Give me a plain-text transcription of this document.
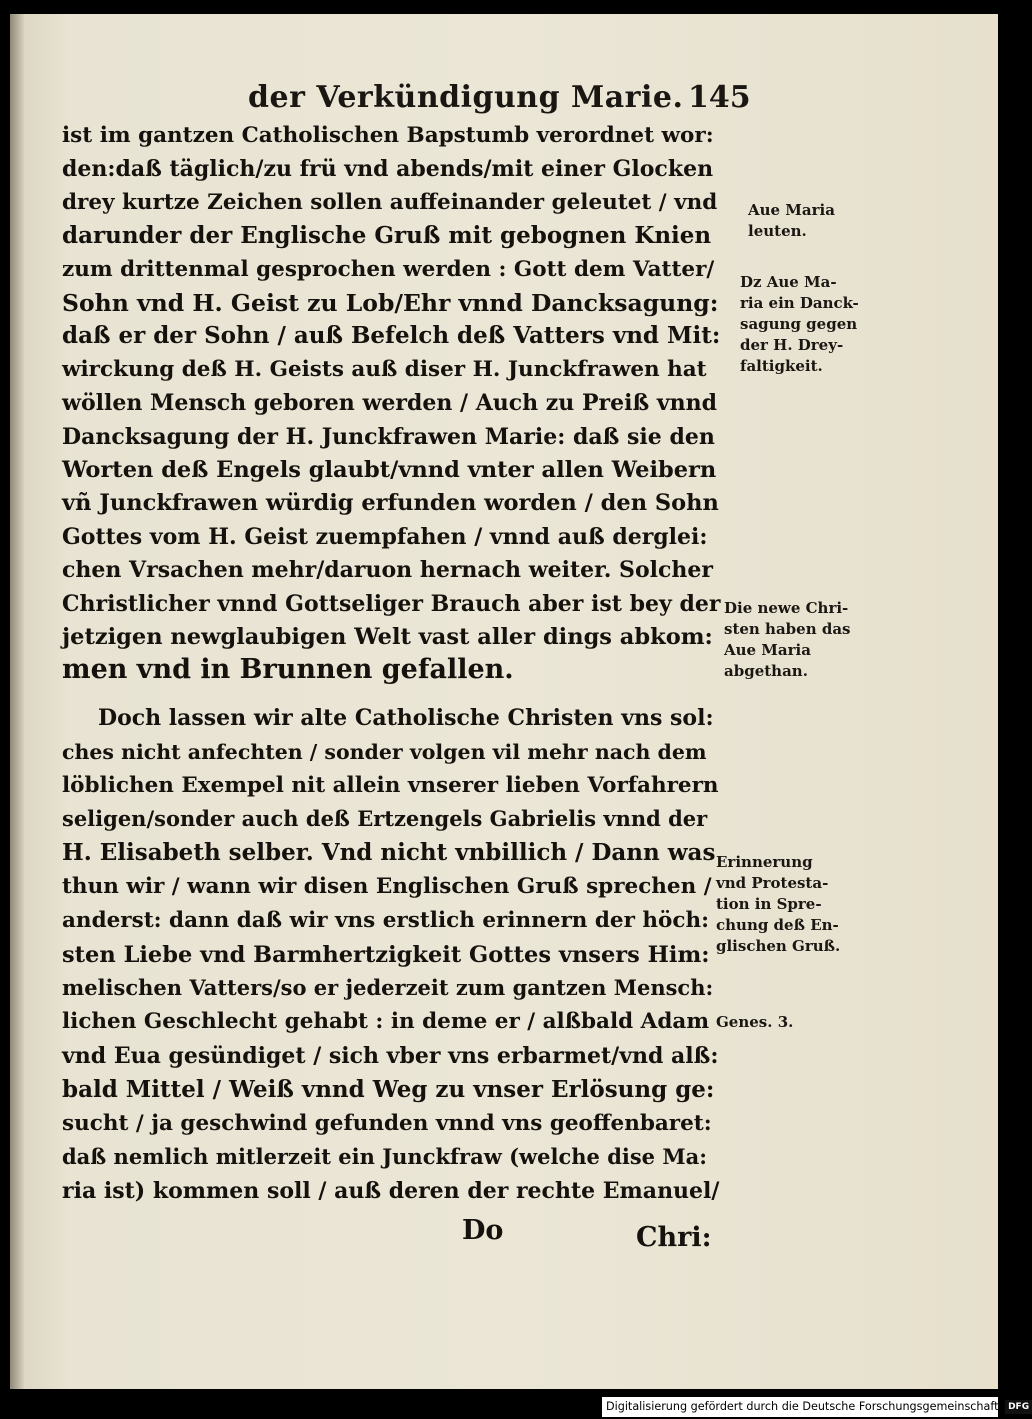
der Verkündigung Marie. 145
ist im gantzen Catholischen Bapstumb verordnet wor:
den:daß täglich/zu frü vnd abends/mit einer Glocken
drey kurtze Zeichen sollen auffeinander geleutet / vnd
darunder der Englische Gruß mit gebognen Knien
zum drittenmal gesprochen werden : Gott dem Vatter/
Sohn vnd H. Geist zu Lob/Ehr vnnd Dancksagung:
daß er der Sohn / auß Befelch deß Vatters vnd Mit:
wirckung deß H. Geists auß diser H. Junckfrawen hat
wöllen Mensch geboren werden / Auch zu Preiß vnnd
Dancksagung der H. Junckfrawen Marie: daß sie den
Worten deß Engels glaubt/vnnd vnter allen Weibern
vñ Junckfrawen würdig erfunden worden / den Sohn
Gottes vom H. Geist zuempfahen / vnnd auß derglei:
chen Vrsachen mehr/daruon hernach weiter. Solcher
Christlicher vnnd Gottseliger Brauch aber ist bey der
jetzigen newglaubigen Welt vast aller dings abkom:
men vnd in Brunnen gefallen.
Doch lassen wir alte Catholische Christen vns sol:
ches nicht anfechten / sonder volgen vil mehr nach dem
löblichen Exempel nit allein vnserer lieben Vorfahrern
seligen/sonder auch deß Ertzengels Gabrielis vnnd der
H. Elisabeth selber. Vnd nicht vnbillich / Dann was
thun wir / wann wir disen Englischen Gruß sprechen /
anderst: dann daß wir vns erstlich erinnern der höch:
sten Liebe vnd Barmhertzigkeit Gottes vnsers Him:
melischen Vatters/so er jederzeit zum gantzen Mensch:
lichen Geschlecht gehabt : in deme er / alßbald Adam
vnd Eua gesündiget / sich vber vns erbarmet/vnd alß:
bald Mittel / Weiß vnnd Weg zu vnser Erlösung ge:
sucht / ja geschwind gefunden vnnd vns geoffenbaret:
daß nemlich mitlerzeit ein Junckfraw (welche dise Ma:
ria ist) kommen soll / auß deren der rechte Emanuel/
Aue Maria
leuten.
Dz Aue Ma-
ria ein Danck-
sagung gegen
der H. Drey-
faltigkeit.
Die newe Chri-
sten haben das
Aue Maria
abgethan.
Erinnerung
vnd Protesta-
tion in Spre-
chung deß En-
glischen Gruß.
Genes. 3.
Do	Chri:
Digitalisierung gefördert durch die Deutsche Forschungsgemeinschaft DFG
